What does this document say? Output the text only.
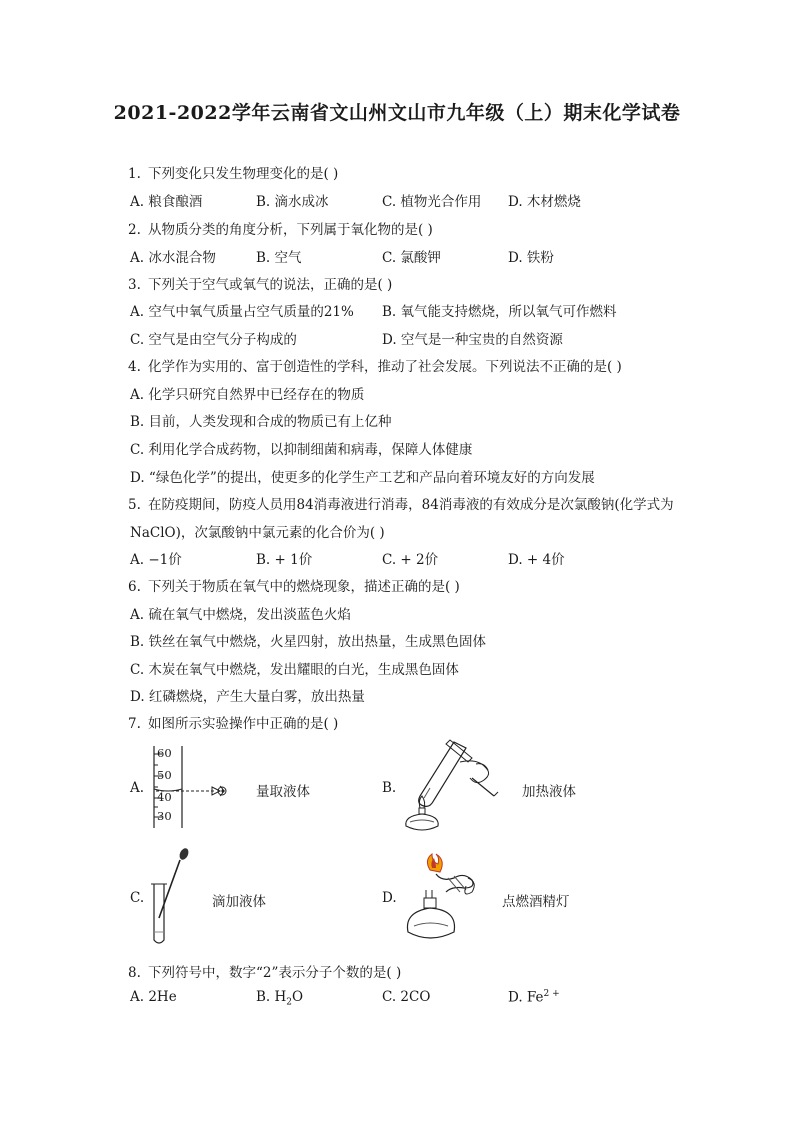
2021-2022学年云南省文山州文山市九年级（上）期末化学试卷
1. 下列变化只发生物理变化的是( )
A. 粮食酿酒	B. 滴水成冰	C. 植物光合作用 D. 木材燃烧
2. 从物质分类的角度分析，下列属于氧化物的是( )
A. 冰水混合物	B. 空气	C. 氯酸钾	D. 铁粉
3. 下列关于空气或氧气的说法，正确的是( )
A. 空气中氧气质量占空气质量的21% B. 氧气能支持燃烧，所以氧气可作燃料
C. 空气是由空气分子构成的	D. 空气是一种宝贵的自然资源
4. 化学作为实用的、富于创造性的学科，推动了社会发展。下列说法不正确的是( )
A. 化学只研究自然界中已经存在的物质
B. 目前，人类发现和合成的物质已有上亿种
C. 利用化学合成药物，以抑制细菌和病毒，保障人体健康
D. “绿色化学”的提出，使更多的化学生产工艺和产品向着环境友好的方向发展
5. 在防疫期间，防疫人员用84消毒液进行消毒，84消毒液的有效成分是次氯酸钠(化学式为
NaClO)，次氯酸钠中氯元素的化合价为( )
A. −1价	B. + 1价	C. + 2价	D. + 4价
6. 下列关于物质在氧气中的燃烧现象，描述正确的是( )
A. 硫在氧气中燃烧，发出淡蓝色火焰
B. 铁丝在氧气中燃烧，火星四射，放出热量，生成黑色固体
C. 木炭在氧气中燃烧，发出耀眼的白光，生成黑色固体
D. 红磷燃烧，产生大量白雾，放出热量
7. 如图所示实验操作中正确的是( )
A.
60
50
40
30
量取液体	B.	加热液体
C.	滴加液体	D.	点燃酒精灯
8. 下列符号中，数字“2”表示分子个数的是( )
A. 2He	B. $H_2O$	C. 2CO	D. $Fe^{2 +}$
